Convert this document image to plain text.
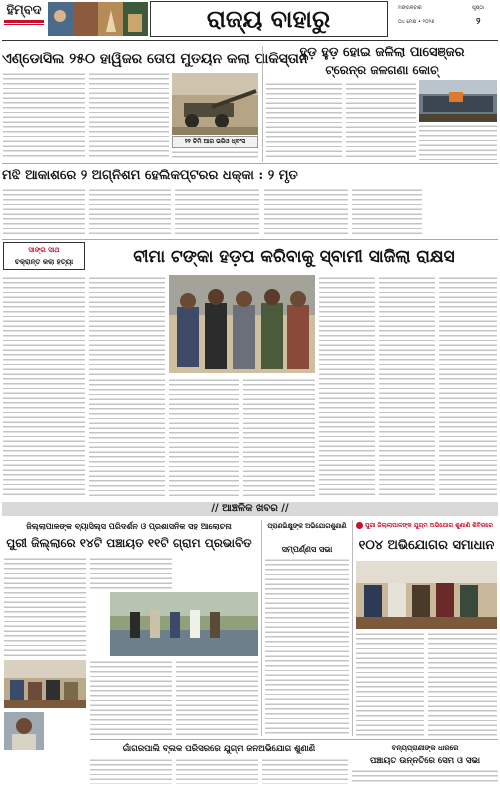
ହିମ୍ବଦ	ରାଜ୍ୟ ବାହାରୁ	ମଙ୍ଗଳବାର	ପୃଷ୍ଠା
୦୪ ମେଷ • ୨୦୨୬	୨
ଏଣ୍ଡୋସିଲ ୨୫୦ ହାୱିଜର ତୋପ ମୁତୟନ କଲା ପାକିସ୍ତାନ
୨୨ ଚିମି ଆର ଭରିଓ ଧ୍ବଂସ
ହୁଡ଼ ହୁଡ଼ ହୋଇ ଜଳିଲା ପାସେଞ୍ଜର
ଟ୍ରେନ୍ର ଜଳଗଣା କୋଚ୍
ମଝି ଆକାଶରେ ୨ ଅଗ୍ନିଶମ ହେଲିକପ୍ଟରର ଧକ୍କା : ୨ ମୃତ
ସାଙ୍ଗ ସାଥ
ଚକ୍ରାନ୍ତ କଲା ହତ୍ୟା	ବୀମା ଟଙ୍କା ହଡ଼ପ କରିବାକୁ ସ୍ବାମୀ ସାଜିଲା ରାକ୍ଷସ
// ଆଞ୍ଚଳିକ ଖବର //
ଜିଲ୍ଲାପାଳଙ୍କ ବ୍ୟାସିଲ୍ସ ପରିଦର୍ଶନ ଓ ପ୍ରଶାସନିକ ସହ ଆଲୋଚନା
ପୁରୀ ଜିଲ୍ଲାରେ ୧୪ଟି ପଞ୍ଚାୟତ ୧୧ଟି ଗ୍ରାମ ପ୍ରଭାବିତ
ପ୍ରାଣଭିକ୍ଷୁଙ୍କ ଅଭିଯୋଗଶୁଣାଣି
ସମ୍ପର୍ଣ୍ଣସ ସଭା
ପୁରୀ ଜିଲ୍ଲାପାଳଙ୍କ ଯୁଗ୍ମ ଅଭିଯୋଗ ଶୁଣାଣି ଶିବିରରେ
୧୦୪ ଅଭିଯୋଗର ସମାଧାନ
ଗାଁଗରପାଲି ବ୍ଲକ ପରିସରରେ ଯୁଗ୍ମ ଜନଅଭିଯୋଗ ଶୁଣାଣି	ବନ୍ୟପ୍ରାଣୀଙ୍କ ଧାରରେ
ପଞ୍ଚାୟତ ଉନ୍ନତିରେ ସେମ ଓ ସଭା
